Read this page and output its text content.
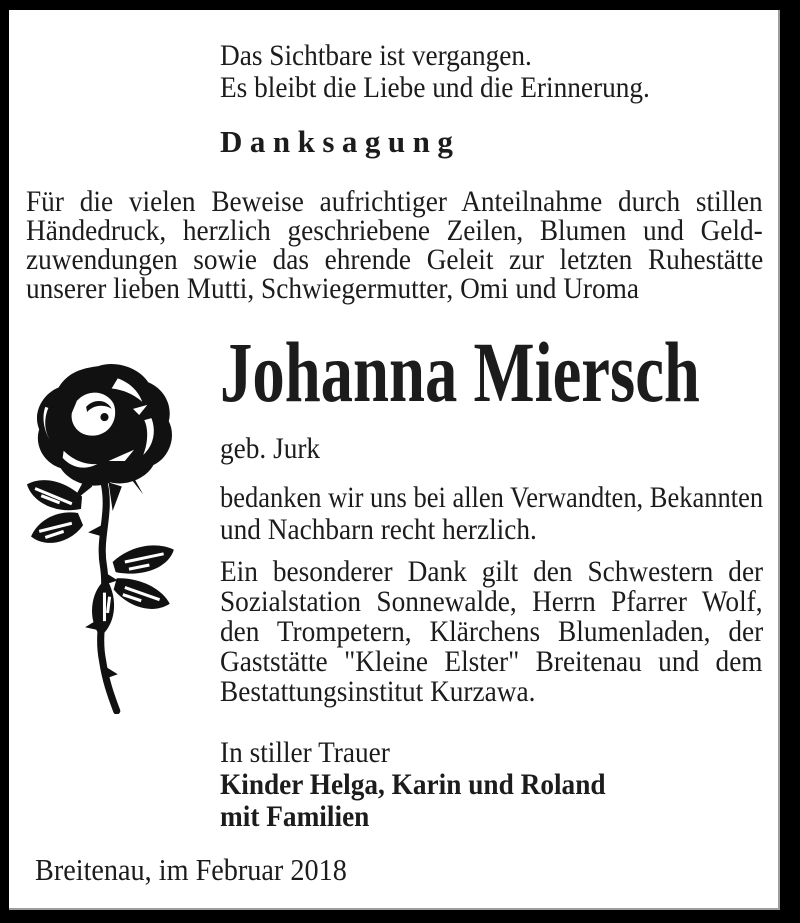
Das Sichtbare ist vergangen.
Es bleibt die Liebe und die Erinnerung.
Danksagung
Für die vielen Beweise aufrichtiger Anteilnahme durch stillen
Händedruck, herzlich geschriebene Zeilen, Blumen und Geld-
zuwendungen sowie das ehrende Geleit zur letzten Ruhestätte
unserer lieben Mutti, Schwiegermutter, Omi und Uroma
Johanna Miersch
geb. Jurk
bedanken wir uns bei allen Verwandten, Bekannten
und Nachbarn recht herzlich.
Ein besonderer Dank gilt den Schwestern der
Sozialstation Sonnewalde, Herrn Pfarrer Wolf,
den Trompetern, Klärchens Blumenladen, der
Gaststätte "Kleine Elster" Breitenau und dem
Bestattungsinstitut Kurzawa.
In stiller Trauer
Kinder Helga, Karin und Roland
mit Familien
Breitenau, im Februar 2018
